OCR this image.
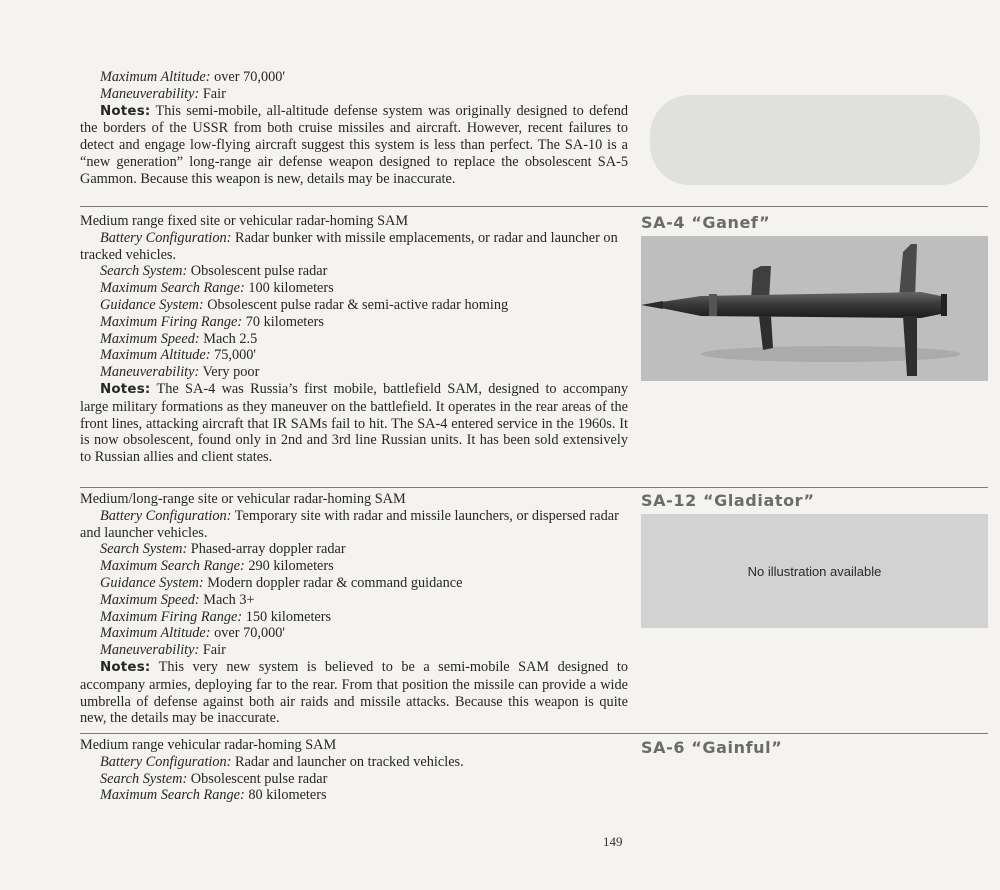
Maximum Altitude: over 70,000'

Maneuverability: Fair

Notes: This semi-mobile, all-altitude defense system was originally designed to defend the borders of the USSR from both cruise missiles and aircraft. However, recent failures to detect and engage low-flying aircraft suggest this system is less than perfect. The SA-10 is a “new generation” long-range air defense weapon designed to replace the obsolescent SA-5 Gammon. Because this weapon is new, details may be inaccurate.

SA-4 “Ganef”

Medium range fixed site or vehicular radar-homing SAM

Battery Configuration: Radar bunker with missile emplacements, or radar and launcher on tracked vehicles.

Search System: Obsolescent pulse radar

Maximum Search Range: 100 kilometers

Guidance System: Obsolescent pulse radar & semi-active radar homing

Maximum Firing Range: 70 kilometers

Maximum Speed: Mach 2.5

Maximum Altitude: 75,000'

Maneuverability: Very poor

Notes: The SA-4 was Russia’s first mobile, battlefield SAM, designed to accompany large military formations as they maneuver on the battlefield. It operates in the rear areas of the front lines, attacking aircraft that IR SAMs fail to hit. The SA-4 entered service in the 1960s. It is now obsolescent, found only in 2nd and 3rd line Russian units. It has been sold extensively to Russian allies and client states.

SA-12 “Gladiator”
No illustration available

Medium/long-range site or vehicular radar-homing SAM

Battery Configuration: Temporary site with radar and missile launchers, or dispersed radar and launcher vehicles.

Search System: Phased-array doppler radar

Maximum Search Range: 290 kilometers

Guidance System: Modern doppler radar & command guidance

Maximum Speed: Mach 3+

Maximum Firing Range: 150 kilometers

Maximum Altitude: over 70,000'

Maneuverability: Fair

Notes: This very new system is believed to be a semi-mobile SAM designed to accompany armies, deploying far to the rear. From that position the missile can provide a wide umbrella of defense against both air raids and missile attacks. Because this weapon is quite new, the details may be inaccurate.

SA-6 “Gainful”

Medium range vehicular radar-homing SAM

Battery Configuration: Radar and launcher on tracked vehicles.

Search System: Obsolescent pulse radar

Maximum Search Range: 80 kilometers

149
